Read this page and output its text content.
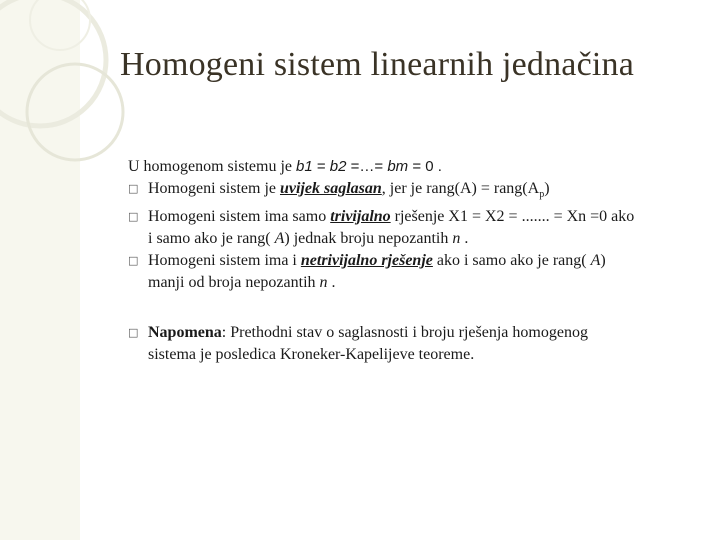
Homogeni sistem linearnih jednačina
U homogenom sistemu je b1 = b2 =…= bm = 0 .
□ Homogeni sistem je uvijek saglasan, jer je rang(A) = $rang(A_p)$
□ Homogeni sistem ima samo trivijalno rješenje X1 = X2 = ....... = Xn =0 ako
i samo ako je rang( A) jednak broju nepozantih n .
□ Homogeni sistem ima i netrivijalno rješenje ako i samo ako je rang( A)
manji od broja nepozantih n .
□ Napomena: Prethodni stav o saglasnosti i broju rješenja homogenog
sistema je posledica Kroneker-Kapelijeve teoreme.
